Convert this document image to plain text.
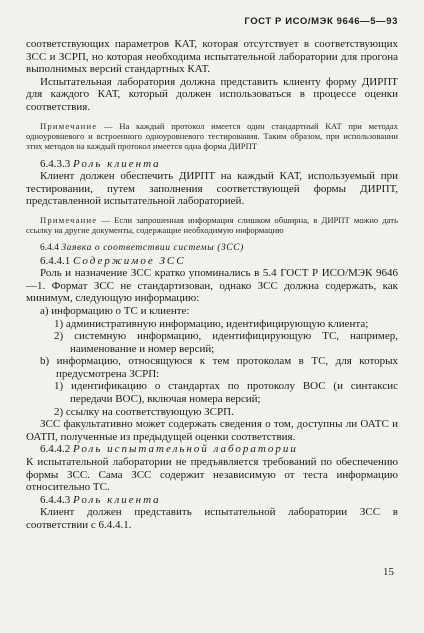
ГОСТ Р ИСО/МЭК 9646—5—93

соответствующих параметров КАТ, которая отсутствует в соответствующих ЗСС и ЗСРП, но которая необходима испытательной лаборатории для прогона выполнимых версий стандартных КАТ.

Испытательная лаборатория должна представить клиенту форму ДИРПТ для каждого КАТ, который должен использоваться в процессе оценки соответствия.

Примечание — На каждый протокол имеется один стандартный КАТ при методах одноуровневого и встроенного одноуровневого тестирования. Таким образом, при использовании этих методов на каждый протокол имеется одна форма ДИРПТ

6.4.3.3 Роль клиента

Клиент должен обеспечить ДИРПТ на каждый КАТ, используемый при тестировании, путем заполнения соответствующей формы ДИРПТ, представленной испытательной лабораторией.

Примечание — Если запрошенная информация слишком обширна, в ДИРПТ можно дать ссылку на другие документы, содержащие необходимую информацию

6.4.4 Заявка о соответствии системы (ЗСС)

6.4.4.1 Содержимое ЗСС

Роль и назначение ЗСС кратко упоминались в 5.4 ГОСТ Р ИСО/МЭК 9646—1. Формат ЗСС не стандартизован, однако ЗСС должна содержать, как минимум, следующую информацию:

а) информацию о ТС и клиенте:

1) административную информацию, идентифицирующую клиента;

2) системную информацию, идентифицирующую ТС, например, наименование и номер версий;

b) информацию, относящуюся к тем протоколам в ТС, для которых предусмотрена ЗСРП:

1) идентификацию о стандартах по протоколу ВОС (и синтаксис передачи ВОС), включая номера версий;

2) ссылку на соответствующую ЗСРП.

ЗСС факультативно может содержать сведения о том, доступны ли ОАТС и ОАТП, полученные из предыдущей оценки соответствия.

6.4.4.2 Роль испытательной лаборатории

К испытательной лаборатории не предъявляется требований по обеспечению формы ЗСС. Сама ЗСС содержит независимую от теста информацию относительно ТС.

6.4.4.3 Роль клиента

Клиент должен представить испытательной лаборатории ЗСС в соответствии с 6.4.4.1.

15
